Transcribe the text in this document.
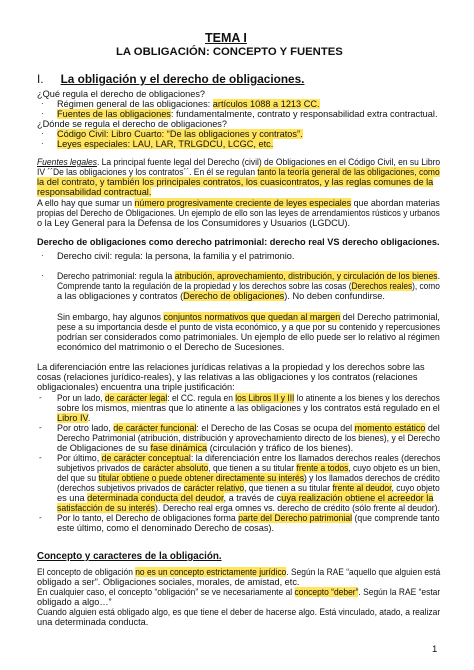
TEMA I
LA OBLIGACIÓN: CONCEPTO Y FUENTES
I. La obligación y el derecho de obligaciones.
¿Qué regula el derecho de obligaciones?
· Régimen general de las obligaciones: artículos 1088 a 1213 CC.
· Fuentes de las obligaciones: fundamentalmente, contrato y responsabilidad extra contractual.
¿Dónde se regula el derecho de obligaciones?
· Código Civil: Libro Cuarto: “De las obligaciones y contratos”.
· Leyes especiales: LAU, LAR, TRLGDCU, LCGC, etc.
Fuentes legales. La principal fuente legal del Derecho (civil) de Obligaciones en el Código Civil, en su Libro
IV ´´De las obligaciones y los contratos´´. En él se regulan tanto la teoría general de las obligaciones, como
la del contrato, y también los principales contratos, los cuasicontratos, y las reglas comunes de la
responsabilidad contractual.
A ello hay que sumar un número progresivamente creciente de leyes especiales que abordan materias
propias del Derecho de Obligaciones. Un ejemplo de ello son las leyes de arrendamientos rústicos y urbanos
o la Ley General para la Defensa de los Consumidores y Usuarios (LGDCU).
Derecho de obligaciones como derecho patrimonial: derecho real VS derecho obligaciones.
· Derecho civil: regula: la persona, la familia y el patrimonio.
· Derecho patrimonial: regula la atribución, aprovechamiento, distribución, y circulación de los bienes.
Comprende tanto la regulación de la propiedad y los derechos sobre las cosas (Derechos reales), como
a las obligaciones y contratos (Derecho de obligaciones). No deben confundirse.
Sin embargo, hay algunos conjuntos normativos que quedan al margen del Derecho patrimonial,
pese a su importancia desde el punto de vista económico, y a que por su contenido y repercusiones
podrían ser considerados como patrimoniales. Un ejemplo de ello puede ser lo relativo al régimen
económico del matrimonio o el Derecho de Sucesiones.
La diferenciación entre las relaciones jurídicas relativas a la propiedad y los derechos sobre las
cosas (relaciones jurídico-reales), y las relativas a las obligaciones y los contratos (relaciones
obligacionales) encuentra una triple justificación:
- Por un lado, de carácter legal: el CC. regula en los Libros II y III lo atinente a los bienes y los derechos
sobre los mismos, mientras que lo atinente a las obligaciones y los contratos está regulado en el
Libro IV.
- Por otro lado, de carácter funcional: el Derecho de las Cosas se ocupa del momento estático del
Derecho Patrimonial (atribución, distribución y aprovechamiento directo de los bienes), y el Derecho
de Obligaciones de su fase dinámica (circulación y tráfico de los bienes).
- Por último, de carácter conceptual: la diferenciación entre los llamados derechos reales (derechos
subjetivos privados de carácter absoluto, que tienen a su titular frente a todos, cuyo objeto es un bien,
del que su titular obtiene o puede obtener directamente su interés) y los llamados derechos de crédito
(derechos subjetivos privados de carácter relativo, que tienen a su titular frente al deudor, cuyo objeto
es una determinada conducta del deudor, a través de cuya realización obtiene el acreedor la
satisfacción de su interés). Derecho real erga omnes vs. derecho de crédito (sólo frente al deudor).
- Por lo tanto, el Derecho de obligaciones forma parte del Derecho patrimonial (que comprende tanto
este último, como el denominado Derecho de cosas).
Concepto y caracteres de la obligación.
El concepto de obligación no es un concepto estrictamente jurídico. Según la RAE “aquello que alguien está
obligado a ser”. Obligaciones sociales, morales, de amistad, etc.
En cualquier caso, el concepto “obligación” se ve necesariamente al concepto “deber”. Según la RAE “estar
obligado a algo…”
Cuando alguien está obligado algo, es que tiene el deber de hacerse algo. Está vinculado, atado, a realizar
una determinada conducta.
1
